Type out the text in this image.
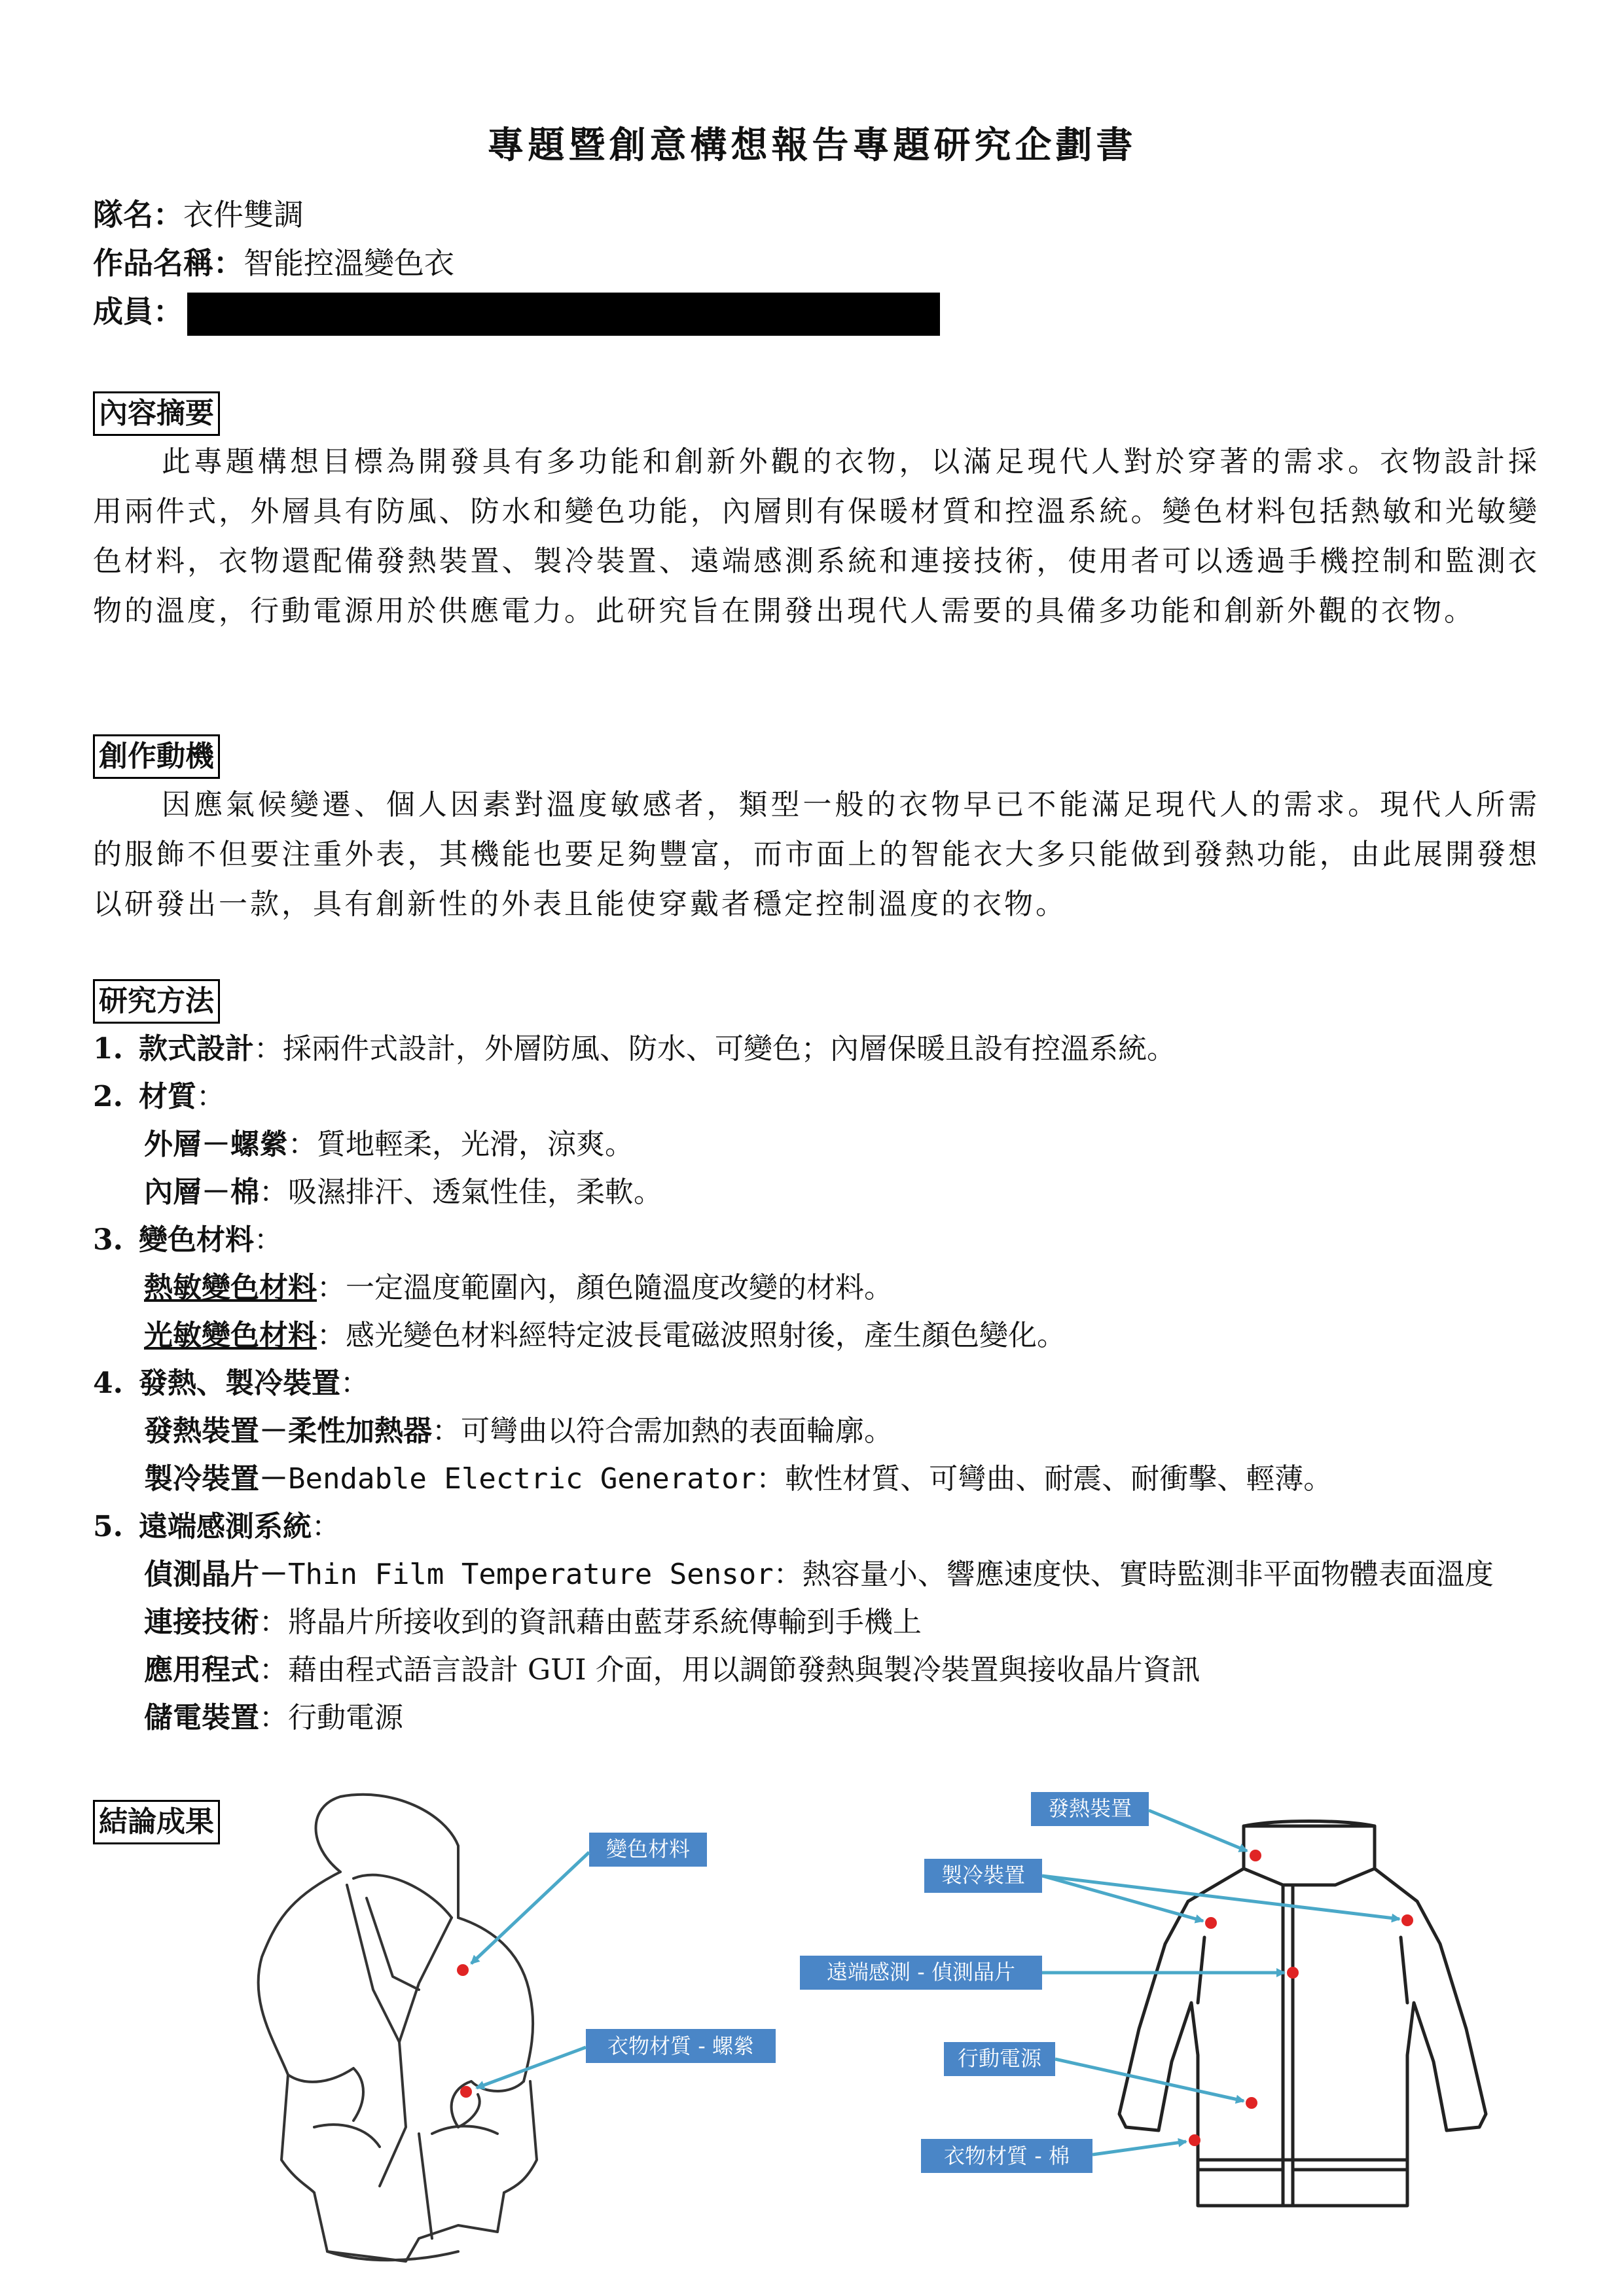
專題暨創意構想報告專題研究企劃書
隊名：衣件雙調
作品名稱：智能控溫變色衣
成員：
內容摘要
此專題構想目標為開發具有多功能和創新外觀的衣物，以滿足現代人對於穿著的需求。衣物設計採用兩件式，外層具有防風、防水和變色功能，內層則有保暖材質和控溫系統。變色材料包括熱敏和光敏變色材料，衣物還配備發熱裝置、製冷裝置、遠端感測系統和連接技術，使用者可以透過手機控制和監測衣物的溫度，行動電源用於供應電力。此研究旨在開發出現代人需要的具備多功能和創新外觀的衣物。
創作動機
因應氣候變遷、個人因素對溫度敏感者，類型一般的衣物早已不能滿足現代人的需求。現代人所需的服飾不但要注重外表，其機能也要足夠豐富，而市面上的智能衣大多只能做到發熱功能，由此展開發想以研發出一款，具有創新性的外表且能使穿戴者穩定控制溫度的衣物。
研究方法
1. 款式設計：採兩件式設計，外層防風、防水、可變色；內層保暖且設有控溫系統。
2. 材質：
外層－螺縈：質地輕柔，光滑，涼爽。
內層－棉：吸濕排汗、透氣性佳，柔軟。
3. 變色材料：
熱敏變色材料：一定溫度範圍內，顏色隨溫度改變的材料。
光敏變色材料：感光變色材料經特定波長電磁波照射後，產生顏色變化。
4. 發熱、製冷裝置：
發熱裝置－柔性加熱器：可彎曲以符合需加熱的表面輪廓。
製冷裝置－Bendable Electric Generator：軟性材質、可彎曲、耐震、耐衝擊、輕薄。
5. 遠端感測系統：
偵測晶片－Thin Film Temperature Sensor：熱容量小、響應速度快、實時監測非平面物體表面溫度
連接技術：將晶片所接收到的資訊藉由藍芽系統傳輸到手機上
應用程式：藉由程式語言設計 GUI 介面，用以調節發熱與製冷裝置與接收晶片資訊
儲電裝置：行動電源
結論成果
變色材料
衣物材質 - 螺縈
發熱裝置
製冷裝置
遠端感測 - 偵測晶片
行動電源
衣物材質 - 棉
